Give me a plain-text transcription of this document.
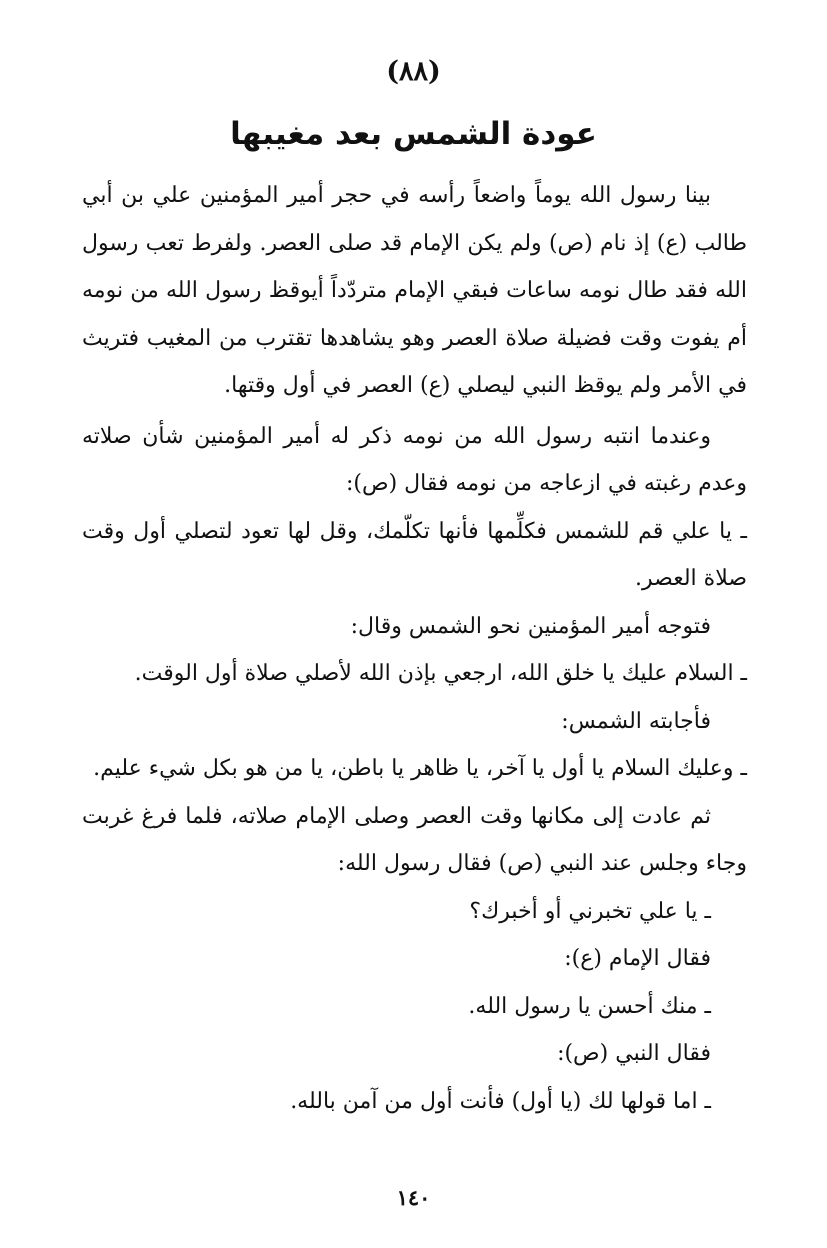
(٨٨)
عودة الشمس بعد مغيبها

بينا رسول الله يوماً واضعاً رأسه في حجر أمير المؤمنين علي بن أبي طالب (ع) إذ نام (ص) ولم يكن الإمام قد صلى العصر. ولفرط تعب رسول الله فقد طال نومه ساعات فبقي الإمام متردّداً أيوقظ رسول الله من نومه أم يفوت وقت فضيلة صلاة العصر وهو يشاهدها تقترب من المغيب فتريث في الأمر ولم يوقظ النبي ليصلي (ع) العصر في أول وقتها.

وعندما انتبه رسول الله من نومه ذكر له أمير المؤمنين شأن صلاته وعدم رغبته في ازعاجه من نومه فقال (ص):

ـ يا علي قم للشمس فكلِّمها فأنها تكلّمك، وقل لها تعود لتصلي أول وقت صلاة العصر.

فتوجه أمير المؤمنين نحو الشمس وقال:

ـ السلام عليك يا خلق الله، ارجعي بإذن الله لأصلي صلاة أول الوقت.

فأجابته الشمس:

ـ وعليك السلام يا أول يا آخر، يا ظاهر يا باطن، يا من هو بكل شيء عليم.

ثم عادت إلى مكانها وقت العصر وصلى الإمام صلاته، فلما فرغ غربت وجاء وجلس عند النبي (ص) فقال رسول الله:

ـ يا علي تخبرني أو أخبرك؟

فقال الإمام (ع):

ـ منك أحسن يا رسول الله.

فقال النبي (ص):

ـ اما قولها لك (يا أول) فأنت أول من آمن بالله.

١٤٠
